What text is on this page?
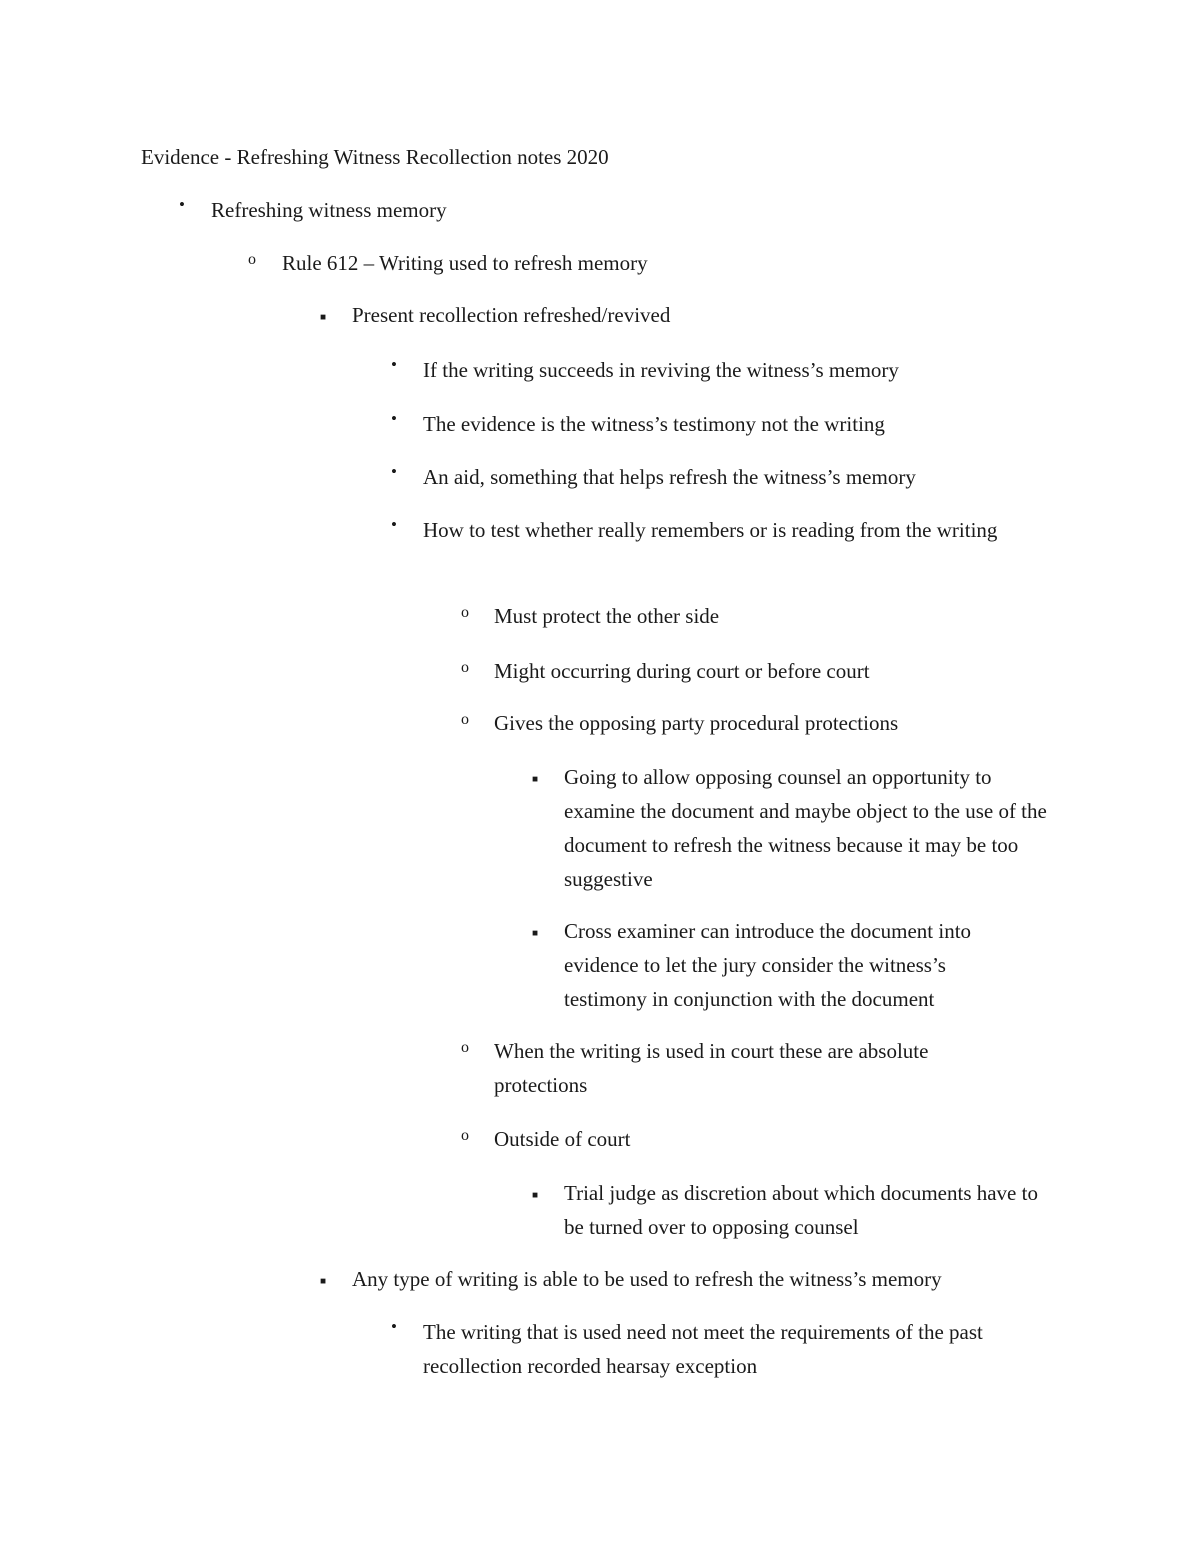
Evidence - Refreshing Witness Recollection notes 2020
• Refreshing witness memory
o Rule 612 – Writing used to refresh memory
■ Present recollection refreshed/revived
• If the writing succeeds in reviving the witness’s memory
• The evidence is the witness’s testimony not the writing
• An aid, something that helps refresh the witness’s memory
• How to test whether really remembers or is reading from the writing
o Must protect the other side
o Might occurring during court or before court
o Gives the opposing party procedural protections
■ Going to allow opposing counsel an opportunity to examine the document and maybe object to the use of the document to refresh the witness because it may be too suggestive
■ Cross examiner can introduce the document into evidence to let the jury consider the witness’s testimony in conjunction with the document
o When the writing is used in court these are absolute protections
o Outside of court
■ Trial judge as discretion about which documents have to be turned over to opposing counsel
■ Any type of writing is able to be used to refresh the witness’s memory
• The writing that is used need not meet the requirements of the past recollection recorded hearsay exception
